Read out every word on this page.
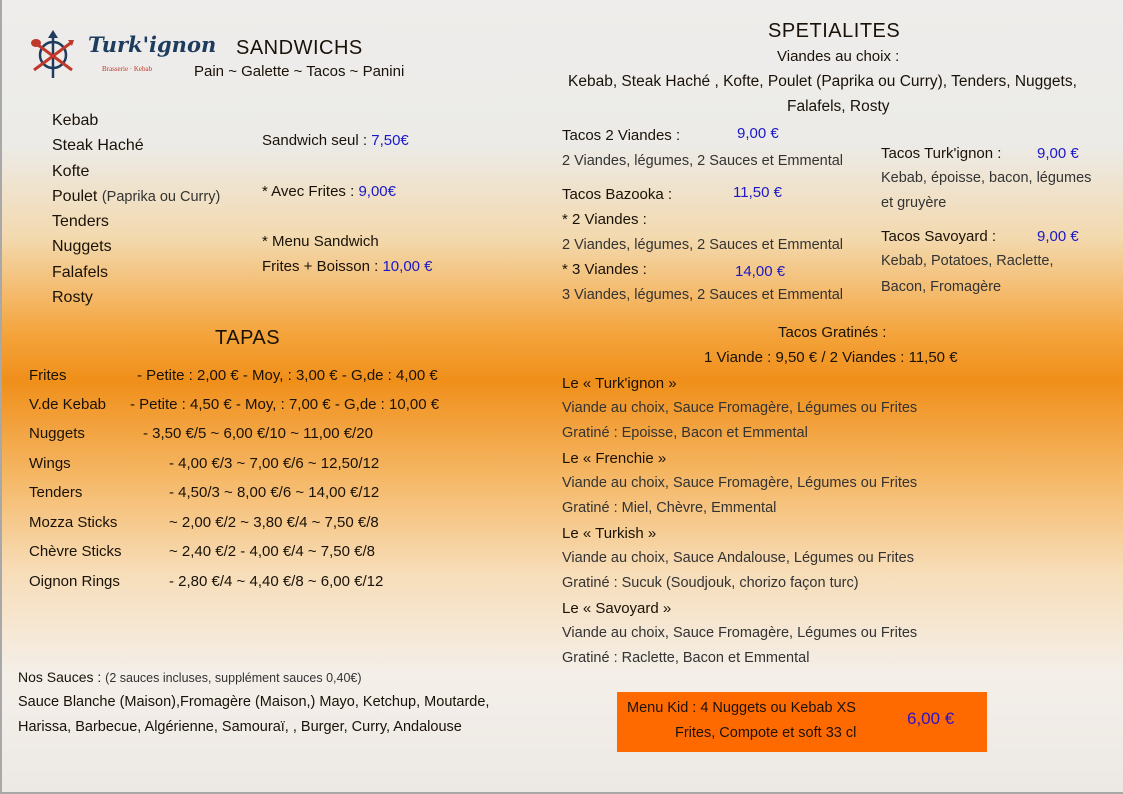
Turk'ignon
Brasserie · Kebab
SANDWICHS
Pain ~ Galette ~ Tacos ~ Panini
Kebab
Steak Haché
Kofte
Poulet (Paprika ou Curry)
Tenders
Nuggets
Falafels
Rosty
Sandwich seul : 7,50€
* Avec Frites : 9,00€
* Menu Sandwich
Frites + Boisson : 10,00 €
TAPAS
Frites	- Petite : 2,00 € - Moy, : 3,00 € - G,de : 4,00 €
V.de Kebab - Petite : 4,50 € - Moy, : 7,00 € - G,de : 10,00 €
Nuggets	- 3,50 €/5 ~ 6,00 €/10 ~ 11,00 €/20
Wings	- 4,00 €/3 ~ 7,00 €/6 ~ 12,50/12
Tenders	- 4,50/3 ~ 8,00 €/6 ~ 14,00 €/12
Mozza Sticks	~ 2,00 €/2 ~ 3,80 €/4 ~ 7,50 €/8
Chèvre Sticks	~ 2,40 €/2 - 4,00 €/4 ~ 7,50 €/8
Oignon Rings	- 2,80 €/4 ~ 4,40 €/8 ~ 6,00 €/12
Nos Sauces : (2 sauces incluses, supplément sauces 0,40€)
Sauce Blanche (Maison),Fromagère (Maison,) Mayo, Ketchup, Moutarde,
Harissa, Barbecue, Algérienne, Samouraï, , Burger, Curry, Andalouse
SPETIALITES
Viandes au choix :
Kebab, Steak Haché , Kofte, Poulet (Paprika ou Curry), Tenders, Nuggets,
Falafels, Rosty
Tacos 2 Viandes :	9,00 €
2 Viandes, légumes, 2 Sauces et Emmental
Tacos Bazooka :	11,50 €
* 2 Viandes :
2 Viandes, légumes, 2 Sauces et Emmental
* 3 Viandes :	14,00 €
3 Viandes, légumes, 2 Sauces et Emmental
Tacos Turk'ignon : 9,00 €
Kebab, époisse, bacon, légumes
et gruyère
Tacos Savoyard :	9,00 €
Kebab, Potatoes, Raclette,
Bacon, Fromagère
Tacos Gratinés :
1 Viande : 9,50 € / 2 Viandes : 11,50 €
Le « Turk'ignon »
Viande au choix, Sauce Fromagère, Légumes ou Frites
Gratiné : Epoisse, Bacon et Emmental
Le « Frenchie »
Viande au choix, Sauce Fromagère, Légumes ou Frites
Gratiné : Miel, Chèvre, Emmental
Le « Turkish »
Viande au choix, Sauce Andalouse, Légumes ou Frites
Gratiné : Sucuk (Soudjouk, chorizo façon turc)
Le « Savoyard »
Viande au choix, Sauce Fromagère, Légumes ou Frites
Gratiné : Raclette, Bacon et Emmental
Menu Kid : 4 Nuggets ou Kebab XS
Frites, Compote et soft 33 cl
6,00 €
